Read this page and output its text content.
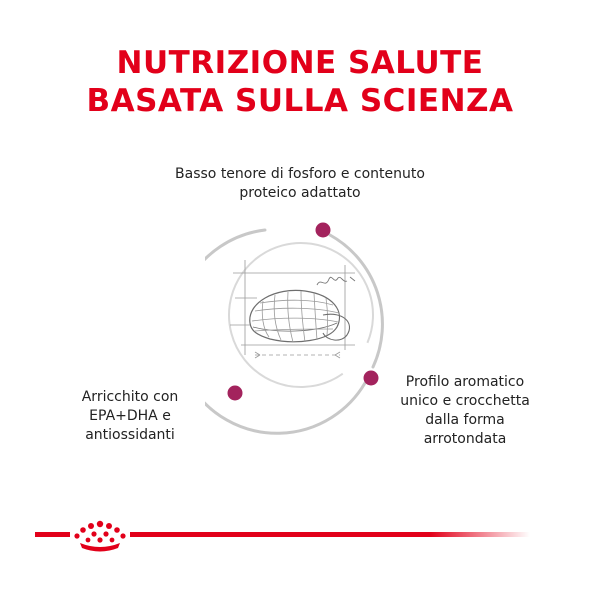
NUTRIZIONE SALUTE
BASATA SULLA SCIENZA
Basso tenore di fosforo e contenuto
proteico adattato
Profilo aromatico
unico e crocchetta
dalla forma
arrotondata
Arricchito con
EPA+DHA e
antiossidanti
